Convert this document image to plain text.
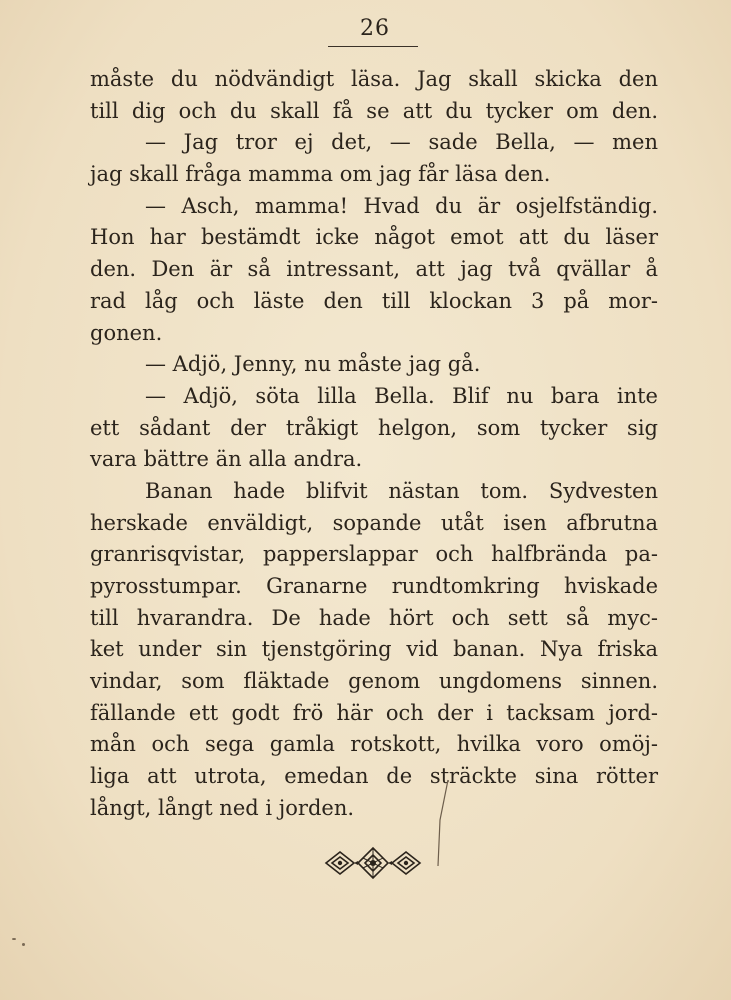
26
måste du nödvändigt läsa. Jag skall skicka den
till dig och du skall få se att du tycker om den.
— Jag tror ej det, — sade Bella, — men
jag skall fråga mamma om jag får läsa den.
— Asch, mamma! Hvad du är osjelfständig.
Hon har bestämdt icke något emot att du läser
den. Den är så intressant, att jag två qvällar å
rad låg och läste den till klockan 3 på mor-
gonen.
— Adjö, Jenny, nu måste jag gå.
— Adjö, söta lilla Bella. Blif nu bara inte
ett sådant der tråkigt helgon, som tycker sig
vara bättre än alla andra.
Banan hade blifvit nästan tom. Sydvesten
herskade enväldigt, sopande utåt isen afbrutna
granrisqvistar, papperslappar och halfbrända pa-
pyrosstumpar. Granarne rundtomkring hviskade
till hvarandra. De hade hört och sett så myc-
ket under sin tjenstgöring vid banan. Nya friska
vindar, som fläktade genom ungdomens sinnen.
fällande ett godt frö här och der i tacksam jord-
mån och sega gamla rotskott, hvilka voro omöj-
liga att utrota, emedan de sträckte sina rötter
långt, långt ned i jorden.
